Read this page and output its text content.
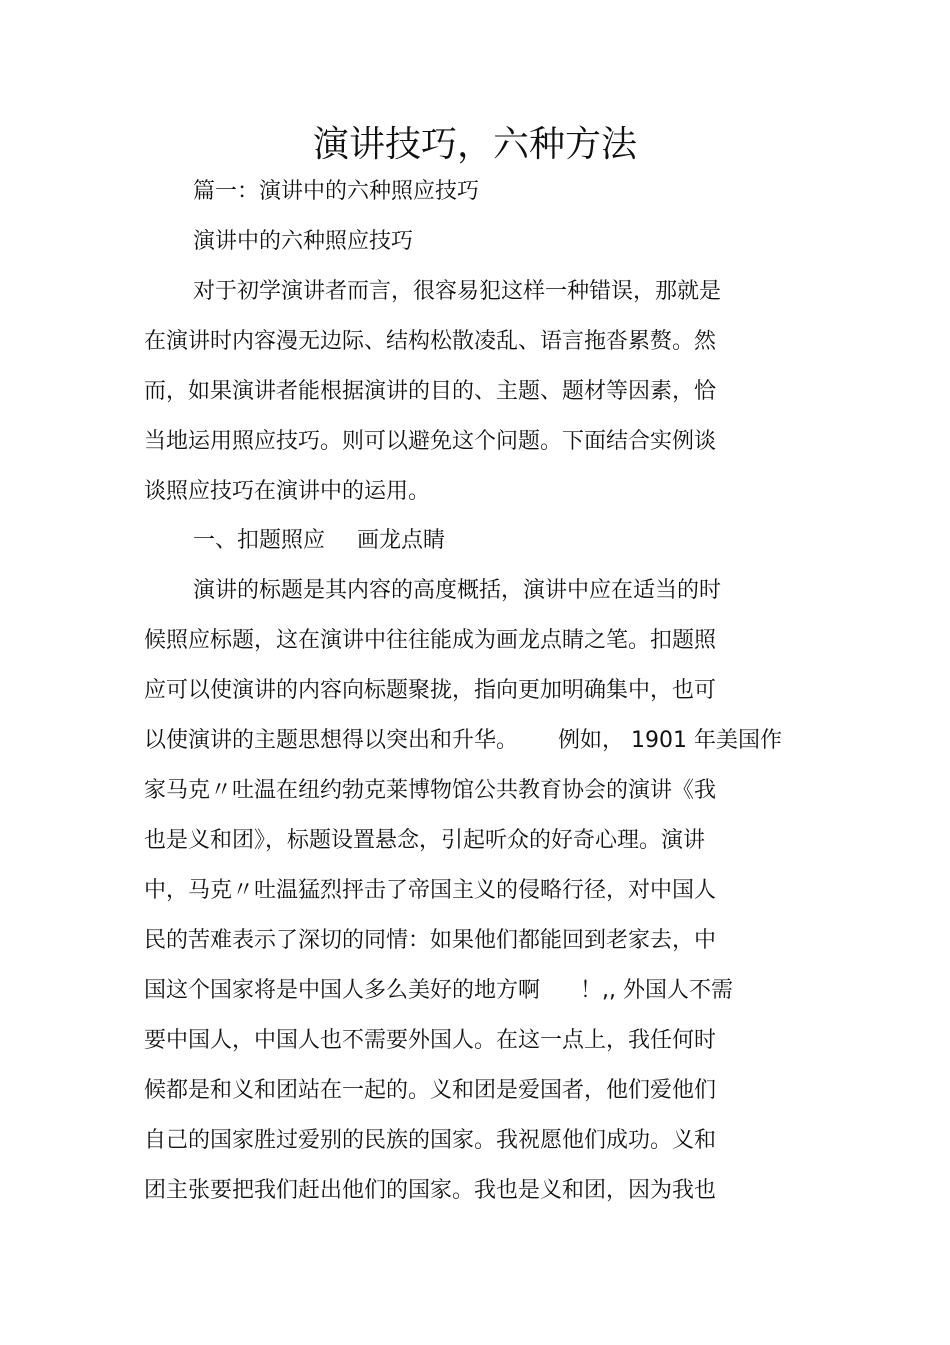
演讲技巧，六种方法
篇一：演讲中的六种照应技巧
演讲中的六种照应技巧
对于初学演讲者而言，很容易犯这样一种错误，那就是
在演讲时内容漫无边际、结构松散凌乱、语言拖沓累赘。然
而，如果演讲者能根据演讲的目的、主题、题材等因素，恰
当地运用照应技巧。则可以避免这个问题。下面结合实例谈
谈照应技巧在演讲中的运用。
一、扣题照应 画龙点睛
演讲的标题是其内容的高度概括，演讲中应在适当的时
候照应标题，这在演讲中往往能成为画龙点睛之笔。扣题照
应可以使演讲的内容向标题聚拢，指向更加明确集中，也可
以使演讲的主题思想得以突出和升华。 例如， 1901 年美国作
家马克〃吐温在纽约勃克莱博物馆公共教育协会的演讲《我
也是义和团》，标题设置悬念，引起听众的好奇心理。演讲
中，马克〃吐温猛烈抨击了帝国主义的侵略行径，对中国人
民的苦难表示了深切的同情：如果他们都能回到老家去，中
国这个国家将是中国人多么美好的地方啊 ！,, 外国人不需
要中国人，中国人也不需要外国人。在这一点上，我任何时
候都是和义和团站在一起的。义和团是爱国者，他们爱他们
自己的国家胜过爱别的民族的国家。我祝愿他们成功。义和
团主张要把我们赶出他们的国家。我也是义和团，因为我也
